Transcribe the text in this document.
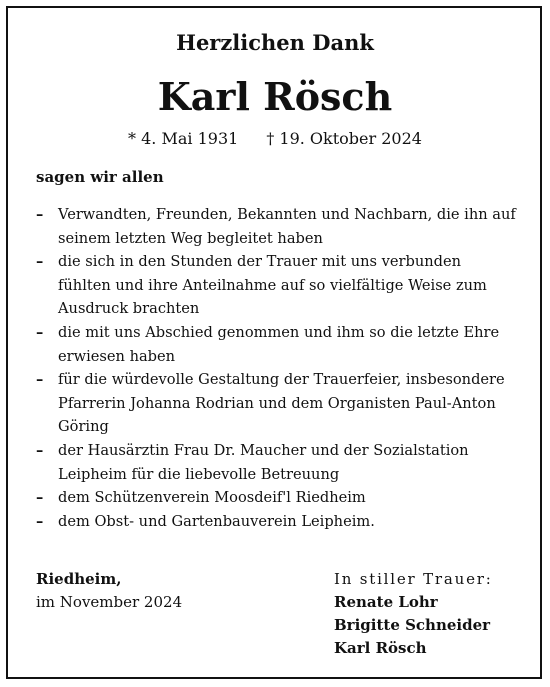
Herzlichen Dank
Karl Rösch
* 4. Mai 1931 † 19. Oktober 2024
sagen wir allen
– Verwandten, Freunden, Bekannten und Nachbarn, die ihn auf seinem letzten Weg begleitet haben
– die sich in den Stunden der Trauer mit uns verbunden fühlten und ihre Anteilnahme auf so vielfältige Weise zum Ausdruck brachten
– die mit uns Abschied genommen und ihm so die letzte Ehre erwiesen haben
– für die würdevolle Gestaltung der Trauerfeier, insbesondere Pfarrerin Johanna Rodrian und dem Organisten Paul-Anton Göring
– der Hausärztin Frau Dr. Maucher und der Sozialstation Leipheim für die liebevolle Betreuung
– dem Schützenverein Moosdeif'l Riedheim
– dem Obst- und Gartenbauverein Leipheim.
Riedheim,
im November 2024
In stiller Trauer:
Renate Lohr
Brigitte Schneider
Karl Rösch
